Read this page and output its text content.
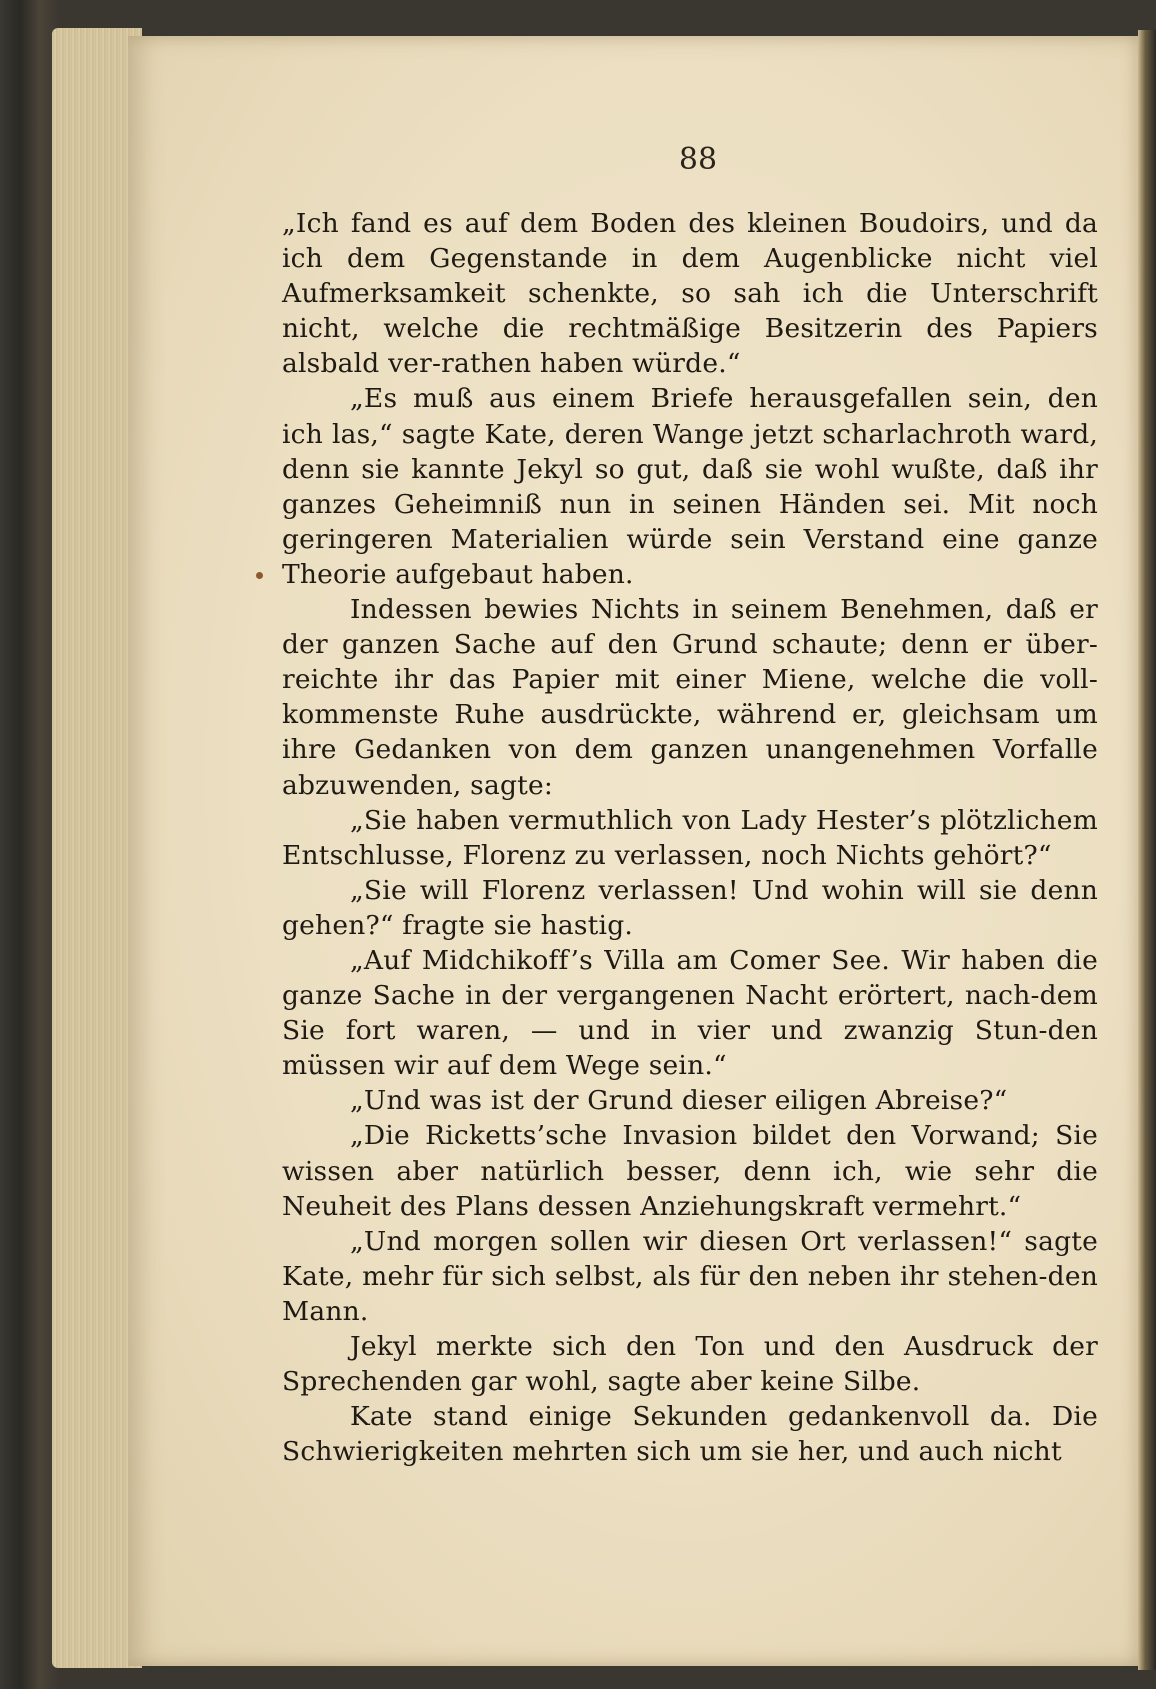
88

„Ich fand es auf dem Boden des kleinen Boudoirs, und da ich dem Gegenstande in dem Augenblicke nicht viel Aufmerksamkeit schenkte, so sah ich die Unterschrift nicht, welche die rechtmäßige Besitzerin des Papiers alsbald ver-rathen haben würde.“

„Es muß aus einem Briefe herausgefallen sein, den ich las,“ sagte Kate, deren Wange jetzt scharlachroth ward, denn sie kannte Jekyl so gut, daß sie wohl wußte, daß ihr ganzes Geheimniß nun in seinen Händen sei. Mit noch geringeren Materialien würde sein Verstand eine ganze Theorie aufgebaut haben.

Indessen bewies Nichts in seinem Benehmen, daß er der ganzen Sache auf den Grund schaute; denn er über-reichte ihr das Papier mit einer Miene, welche die voll-kommenste Ruhe ausdrückte, während er, gleichsam um ihre Gedanken von dem ganzen unangenehmen Vorfalle abzuwenden, sagte:

„Sie haben vermuthlich von Lady Hester’s plötzlichem Entschlusse, Florenz zu verlassen, noch Nichts gehört?“

„Sie will Florenz verlassen! Und wohin will sie denn gehen?“ fragte sie hastig.

„Auf Midchikoff’s Villa am Comer See. Wir haben die ganze Sache in der vergangenen Nacht erörtert, nach-dem Sie fort waren, — und in vier und zwanzig Stun-den müssen wir auf dem Wege sein.“

„Und was ist der Grund dieser eiligen Abreise?“

„Die Ricketts’sche Invasion bildet den Vorwand; Sie wissen aber natürlich besser, denn ich, wie sehr die Neuheit des Plans dessen Anziehungskraft vermehrt.“

„Und morgen sollen wir diesen Ort verlassen!“ sagte Kate, mehr für sich selbst, als für den neben ihr stehen-den Mann.

Jekyl merkte sich den Ton und den Ausdruck der Sprechenden gar wohl, sagte aber keine Silbe.

Kate stand einige Sekunden gedankenvoll da. Die Schwierigkeiten mehrten sich um sie her, und auch nicht
